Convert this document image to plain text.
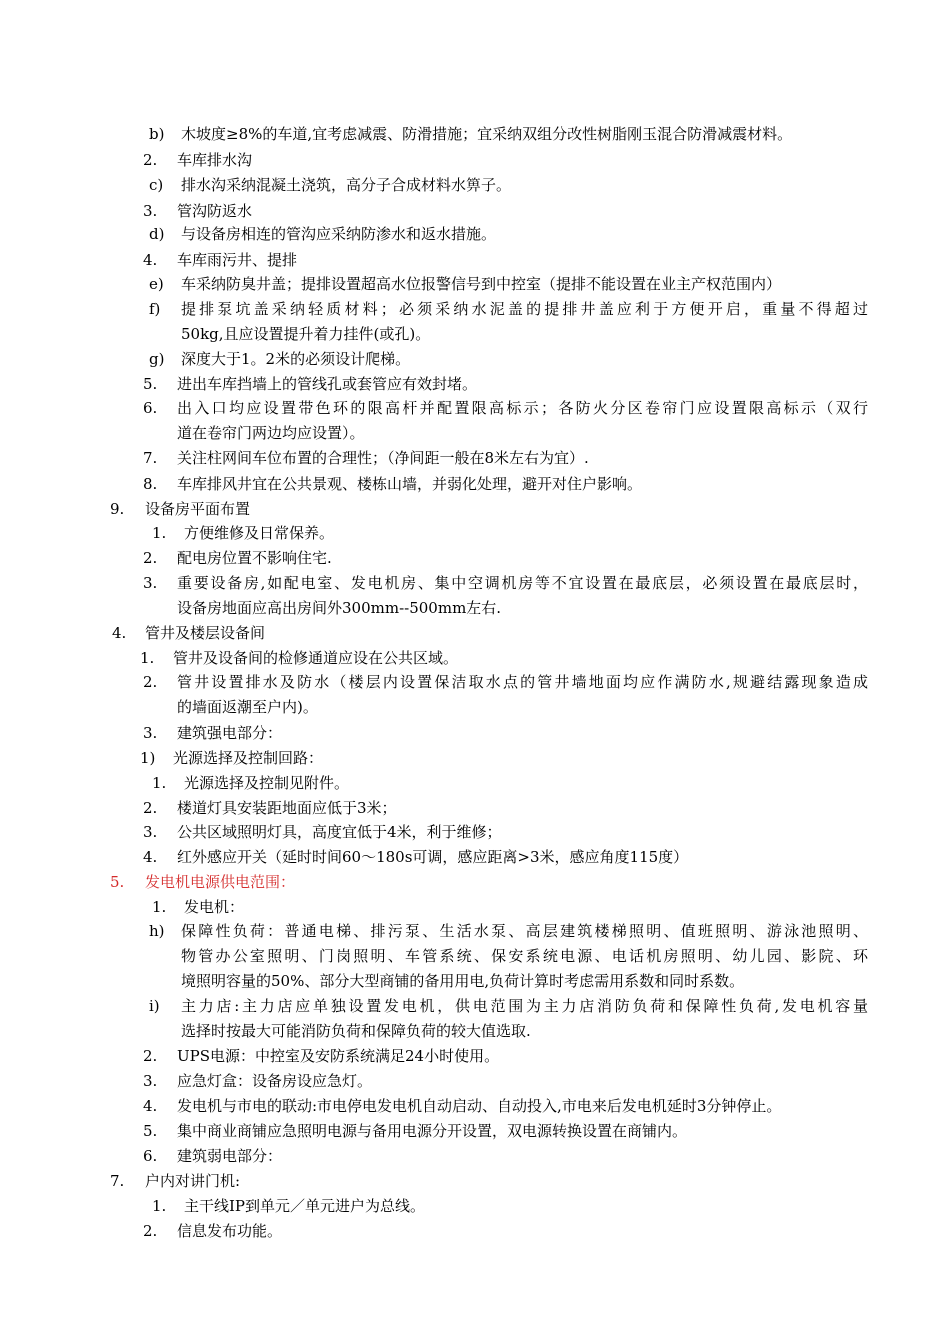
b) 木坡度≥8%的车道,宜考虑减震、防滑措施；宜采纳双组分改性树脂刚玉混合防滑减震材料。
2. 车库排水沟
c) 排水沟采纳混凝土浇筑，高分子合成材料水箅子。
3. 管沟防返水
d) 与设备房相连的管沟应采纳防渗水和返水措施。
4. 车库雨污井、提排
e) 车采纳防臭井盖；提排设置超高水位报警信号到中控室（提排不能设置在业主产权范围内）
f) 提排泵坑盖采纳轻质材料；必须采纳水泥盖的提排井盖应利于方便开启，重量不得超过
50kg,且应设置提升着力挂件(或孔)。
g) 深度大于1。2米的必须设计爬梯。
5. 进出车库挡墙上的管线孔或套管应有效封堵。
6. 出入口均应设置带色环的限高杆并配置限高标示；各防火分区卷帘门应设置限高标示（双行
道在卷帘门两边均应设置）。
7. 关注柱网间车位布置的合理性；（净间距一般在8米左右为宜）.
8. 车库排风井宜在公共景观、楼栋山墙，并弱化处理，避开对住户影响。
9. 设备房平面布置
1. 方便维修及日常保养。
2. 配电房位置不影响住宅.
3. 重要设备房,如配电室、发电机房、集中空调机房等不宜设置在最底层，必须设置在最底层时，
设备房地面应高出房间外300mm--500mm左右.
4. 管井及楼层设备间
1. 管井及设备间的检修通道应设在公共区域。
2. 管井设置排水及防水（楼层内设置保洁取水点的管井墙地面均应作满防水,规避结露现象造成
的墙面返潮至户内)。
3. 建筑强电部分：
1) 光源选择及控制回路：
1. 光源选择及控制见附件。
2. 楼道灯具安装距地面应低于3米；
3. 公共区域照明灯具，高度宜低于4米，利于维修；
4. 红外感应开关（延时时间60～180s可调，感应距离>3米，感应角度115度）
5. 发电机电源供电范围：
1. 发电机：
h) 保障性负荷：普通电梯、排污泵、生活水泵、高层建筑楼梯照明、值班照明、游泳池照明、
物管办公室照明、门岗照明、车管系统、保安系统电源、电话机房照明、幼儿园、影院、环
境照明容量的50%、部分大型商铺的备用用电,负荷计算时考虑需用系数和同时系数。
i) 主力店:主力店应单独设置发电机，供电范围为主力店消防负荷和保障性负荷,发电机容量
选择时按最大可能消防负荷和保障负荷的较大值选取.
2. UPS电源：中控室及安防系统满足24小时使用。
3. 应急灯盒：设备房设应急灯。
4. 发电机与市电的联动:市电停电发电机自动启动、自动投入,市电来后发电机延时3分钟停止。
5. 集中商业商铺应急照明电源与备用电源分开设置，双电源转换设置在商铺内。
6. 建筑弱电部分：
7. 户内对讲门机:
1. 主干线IP到单元／单元进户为总线。
2. 信息发布功能。
